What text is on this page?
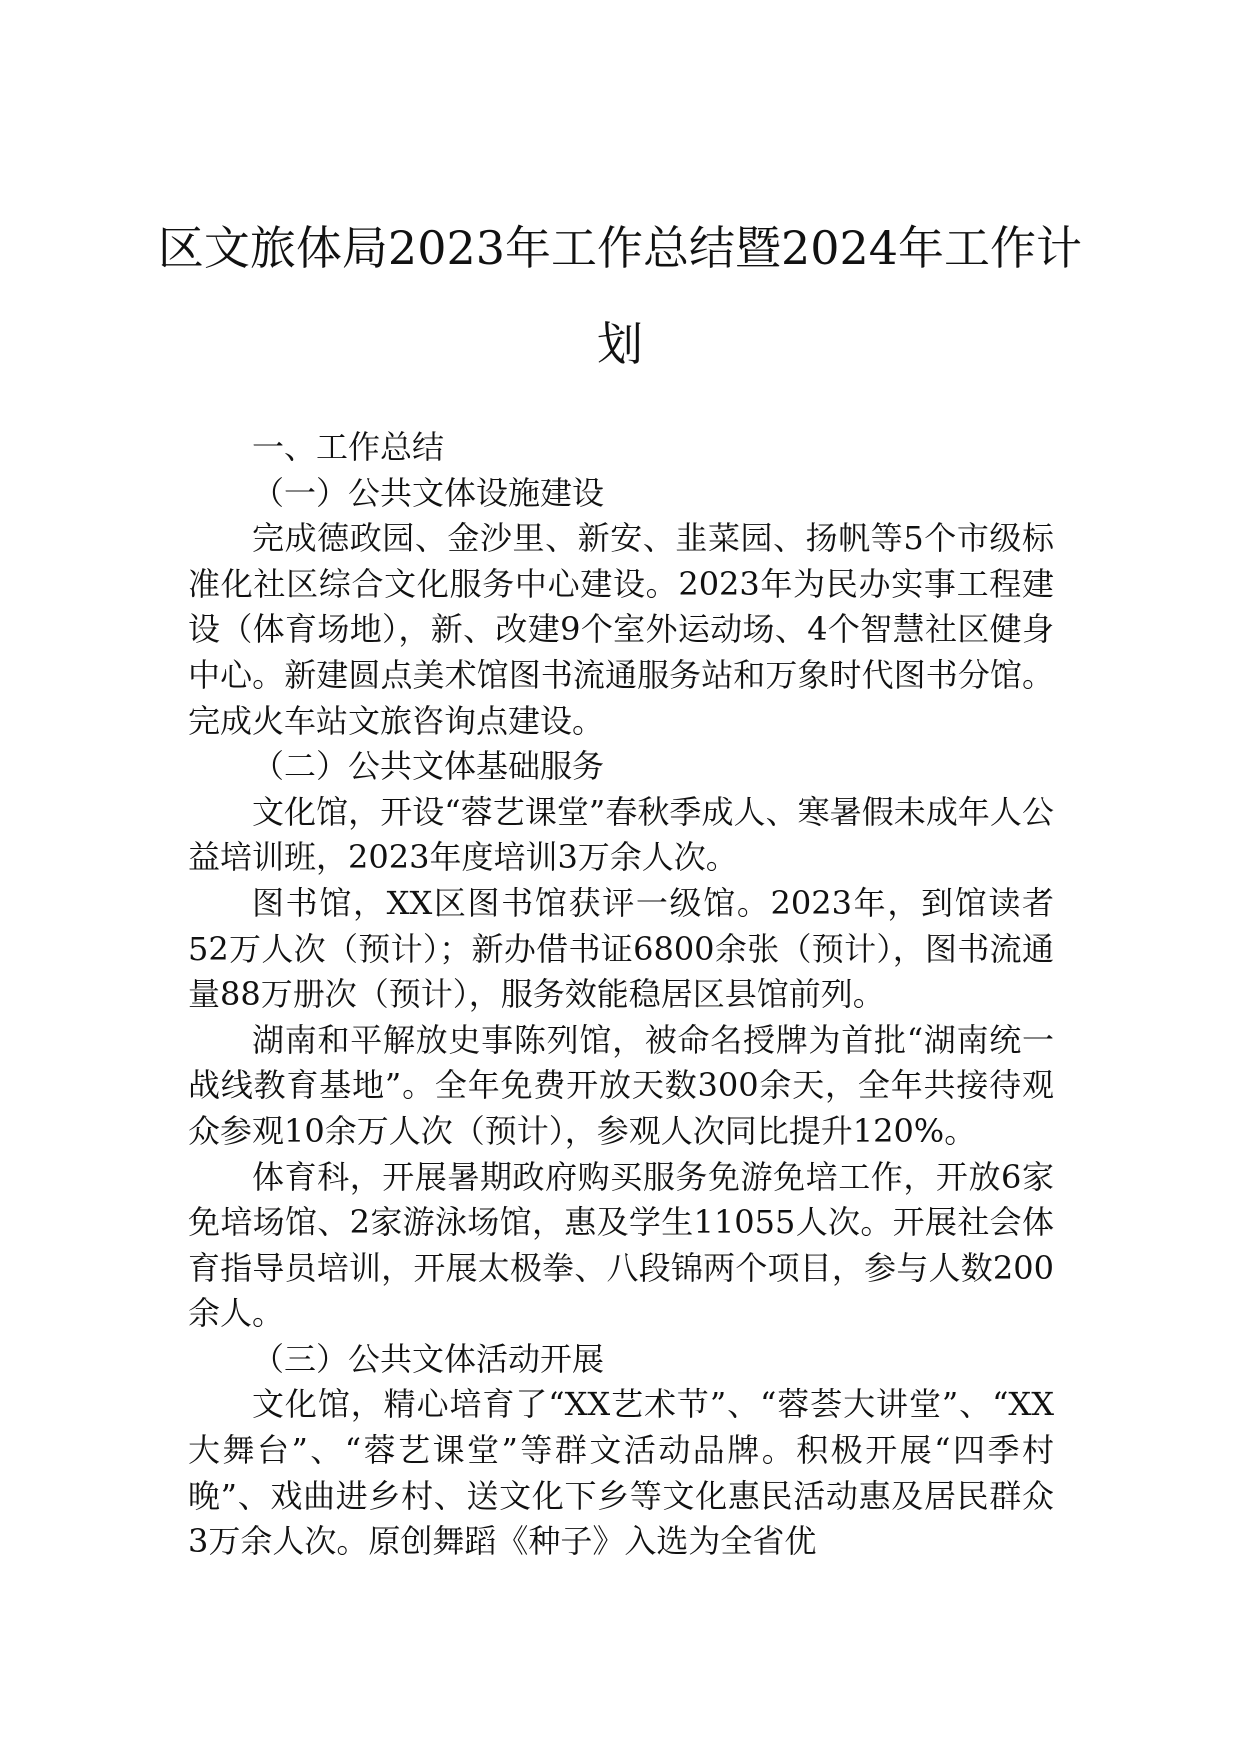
区文旅体局2023年工作总结暨2024年工作计划

一、工作总结

（一）公共文体设施建设

完成德政园、金沙里、新安、韭菜园、扬帆等5个市级标准化社区综合文化服务中心建设。2023年为民办实事工程建设（体育场地），新、改建9个室外运动场、4个智慧社区健身中心。新建圆点美术馆图书流通服务站和万象时代图书分馆。完成火车站文旅咨询点建设。

（二）公共文体基础服务

文化馆，开设“蓉艺课堂”春秋季成人、寒暑假未成年人公益培训班，2023年度培训3万余人次。

图书馆，XX区图书馆获评一级馆。2023年，到馆读者52万人次（预计）；新办借书证6800余张（预计），图书流通量88万册次（预计），服务效能稳居区县馆前列。

湖南和平解放史事陈列馆，被命名授牌为首批“湖南统一战线教育基地”。全年免费开放天数300余天，全年共接待观众参观10余万人次（预计），参观人次同比提升120%。

体育科，开展暑期政府购买服务免游免培工作，开放6家免培场馆、2家游泳场馆，惠及学生11055人次。开展社会体育指导员培训，开展太极拳、八段锦两个项目，参与人数200余人。

（三）公共文体活动开展

文化馆，精心培育了“XX艺术节”、“蓉荟大讲堂”、“XX大舞台”、“蓉艺课堂”等群文活动品牌。积极开展“四季村晚”、戏曲进乡村、送文化下乡等文化惠民活动惠及居民群众3万余人次。原创舞蹈《种子》入选为全省优
